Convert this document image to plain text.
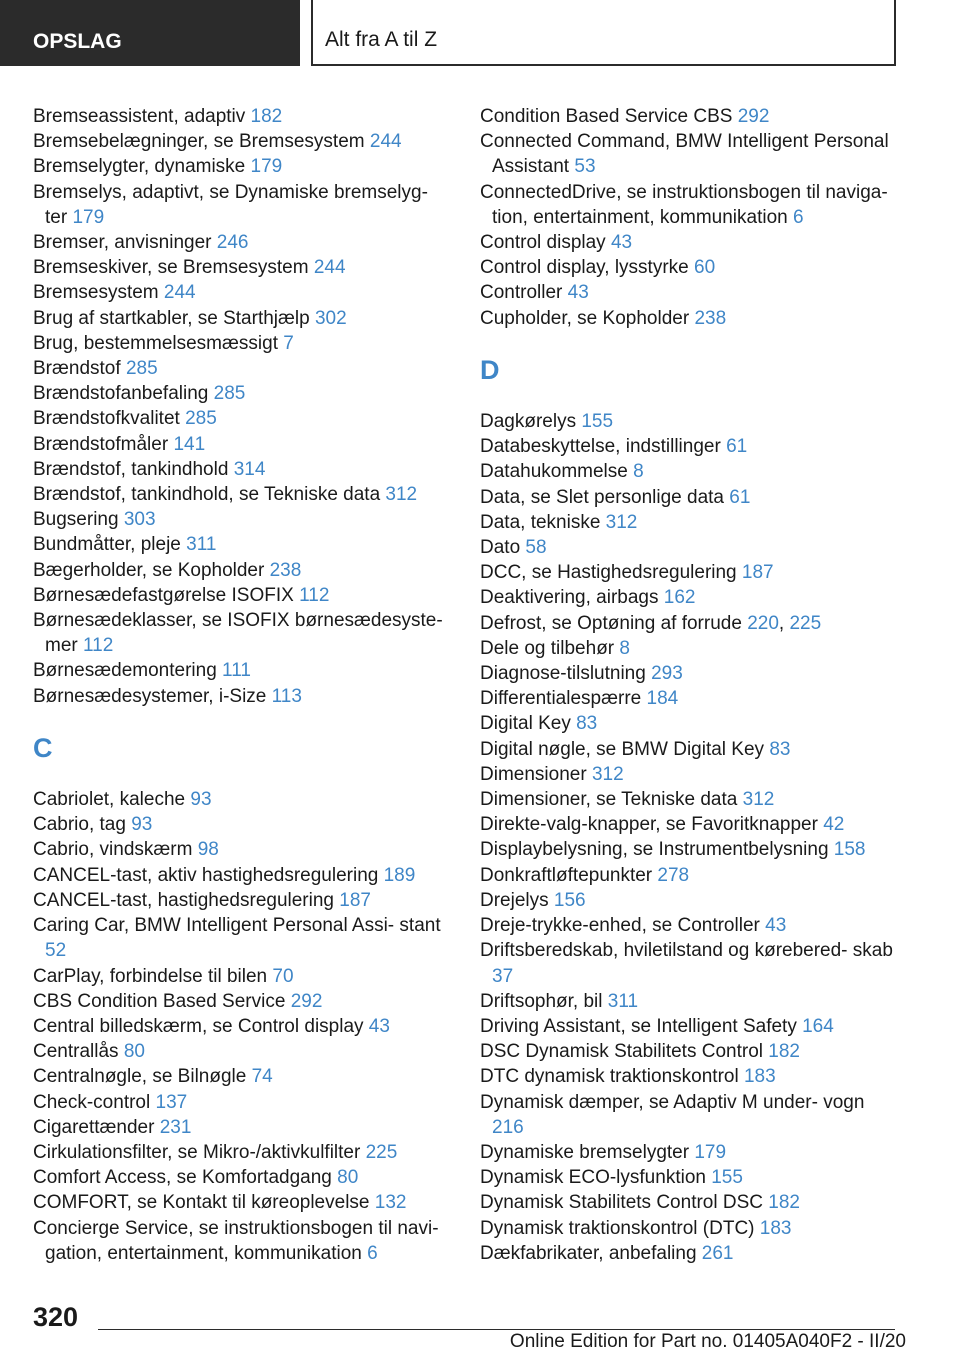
OPSLAG	Alt fra A til Z
Bremseassistent, adaptiv 182
Bremsebelægninger, se Bremsesystem 244
Bremselygter, dynamiske 179
Bremselys, adaptivt, se Dynamiske bremselyg‐ ter 179
Bremser, anvisninger 246
Bremseskiver, se Bremsesystem 244
Bremsesystem 244
Brug af startkabler, se Starthjælp 302
Brug, bestemmelsesmæssigt 7
Brændstof 285
Brændstofanbefaling 285
Brændstofkvalitet 285
Brændstofmåler 141
Brændstof, tankindhold 314
Brændstof, tankindhold, se Tekniske data 312
Bugsering 303
Bundmåtter, pleje 311
Bægerholder, se Kopholder 238
Børnesædefastgørelse ISOFIX 112
Børnesædeklasser, se ISOFIX børnesædesyste‐ mer 112
Børnesædemontering 111
Børnesædesystemer, i-Size 113
C
Cabriolet, kaleche 93
Cabrio, tag 93
Cabrio, vindskærm 98
CANCEL-tast, aktiv hastighedsregulering 189
CANCEL-tast, hastighedsregulering 187
Caring Car, BMW Intelligent Personal Assi‐ stant 52
CarPlay, forbindelse til bilen 70
CBS Condition Based Service 292
Central billedskærm, se Control display 43
Centrallås 80
Centralnøgle, se Bilnøgle 74
Check-control 137
Cigarettænder 231
Cirkulationsfilter, se Mikro-/aktivkulfilter 225
Comfort Access, se Komfortadgang 80
COMFORT, se Kontakt til køreoplevelse 132
Concierge Service, se instruktionsbogen til navi‐ gation, entertainment, kommunikation 6
Condition Based Service CBS 292
Connected Command, BMW Intelligent Personal Assistant 53
ConnectedDrive, se instruktionsbogen til naviga‐ tion, entertainment, kommunikation 6
Control display 43
Control display, lysstyrke 60
Controller 43
Cupholder, se Kopholder 238
D
Dagkørelys 155
Databeskyttelse, indstillinger 61
Datahukommelse 8
Data, se Slet personlige data 61
Data, tekniske 312
Dato 58
DCC, se Hastighedsregulering 187
Deaktivering, airbags 162
Defrost, se Optøning af forrude 220, 225
Dele og tilbehør 8
Diagnose-tilslutning 293
Differentialespærre 184
Digital Key 83
Digital nøgle, se BMW Digital Key 83
Dimensioner 312
Dimensioner, se Tekniske data 312
Direkte-valg-knapper, se Favoritknapper 42
Displaybelysning, se Instrumentbelysning 158
Donkraftløftepunkter 278
Drejelys 156
Dreje-trykke-enhed, se Controller 43
Driftsberedskab, hviletilstand og kørebered‐ skab 37
Driftsophør, bil 311
Driving Assistant, se Intelligent Safety 164
DSC Dynamisk Stabilitets Control 182
DTC dynamisk traktionskontrol 183
Dynamisk dæmper, se Adaptiv M under‐ vogn 216
Dynamiske bremselygter 179
Dynamisk ECO-lysfunktion 155
Dynamisk Stabilitets Control DSC 182
Dynamisk traktionskontrol (DTC) 183
Dækfabrikater, anbefaling 261
320
Online Edition for Part no. 01405A040F2 - II/20
